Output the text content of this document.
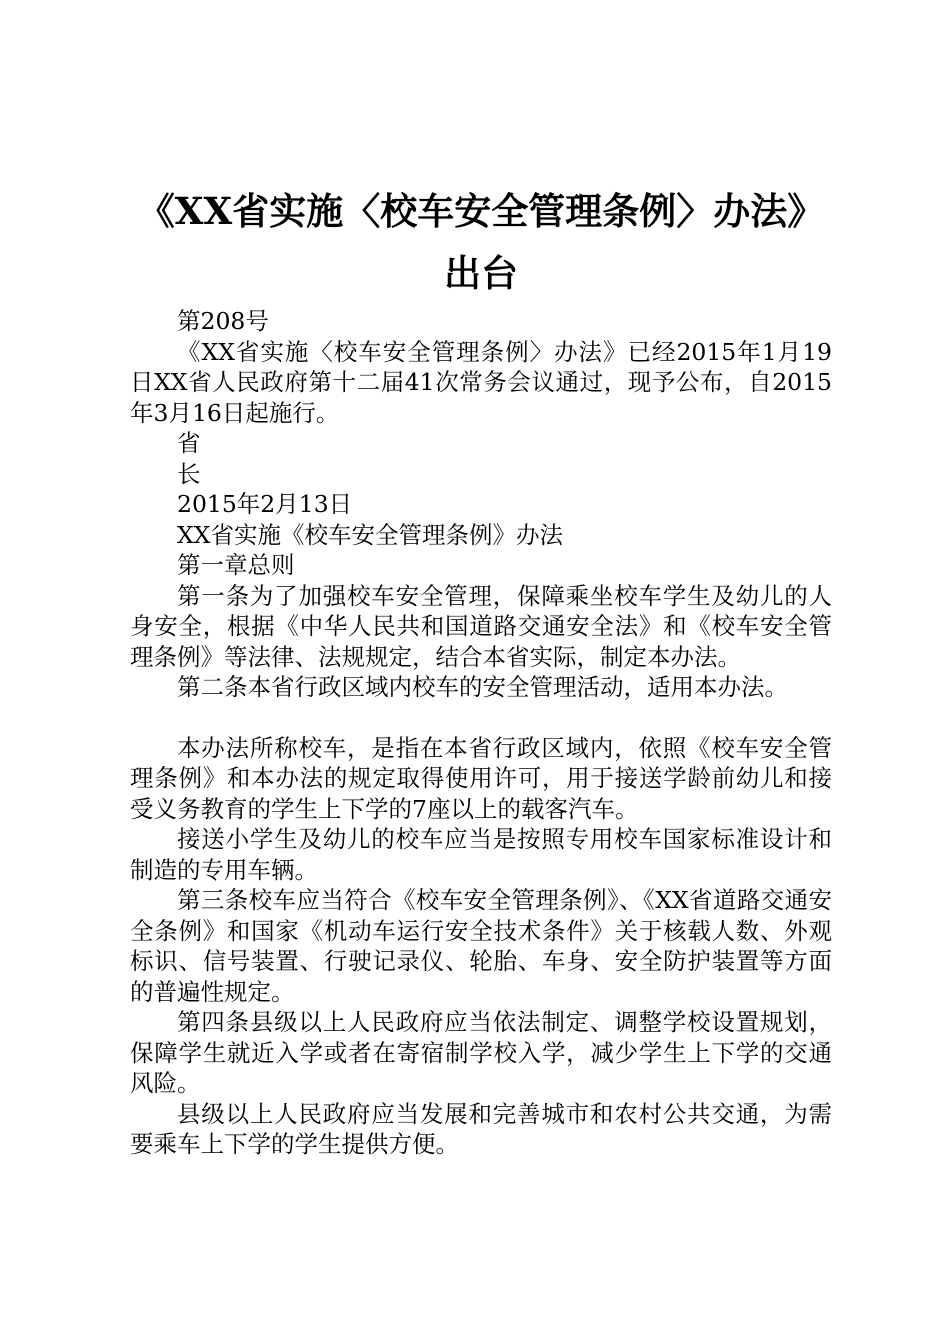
《XX省实施〈校车安全管理条例〉办法》出台

第208号

《XX省实施〈校车安全管理条例〉办法》已经2015年1月19日XX省人民政府第十二届41次常务会议通过，现予公布，自2015年3月16日起施行。

省

长

2015年2月13日

XX省实施《校车安全管理条例》办法

第一章总则

第一条为了加强校车安全管理，保障乘坐校车学生及幼儿的人身安全，根据《中华人民共和国道路交通安全法》和《校车安全管理条例》等法律、法规规定，结合本省实际，制定本办法。

第二条本省行政区域内校车的安全管理活动，适用本办法。

本办法所称校车，是指在本省行政区域内，依照《校车安全管理条例》和本办法的规定取得使用许可，用于接送学龄前幼儿和接受义务教育的学生上下学的7座以上的载客汽车。

接送小学生及幼儿的校车应当是按照专用校车国家标准设计和制造的专用车辆。

第三条校车应当符合《校车安全管理条例》、《XX省道路交通安全条例》和国家《机动车运行安全技术条件》关于核载人数、外观标识、信号装置、行驶记录仪、轮胎、车身、安全防护装置等方面的普遍性规定。

第四条县级以上人民政府应当依法制定、调整学校设置规划，保障学生就近入学或者在寄宿制学校入学，减少学生上下学的交通风险。

县级以上人民政府应当发展和完善城市和农村公共交通，为需要乘车上下学的学生提供方便。
